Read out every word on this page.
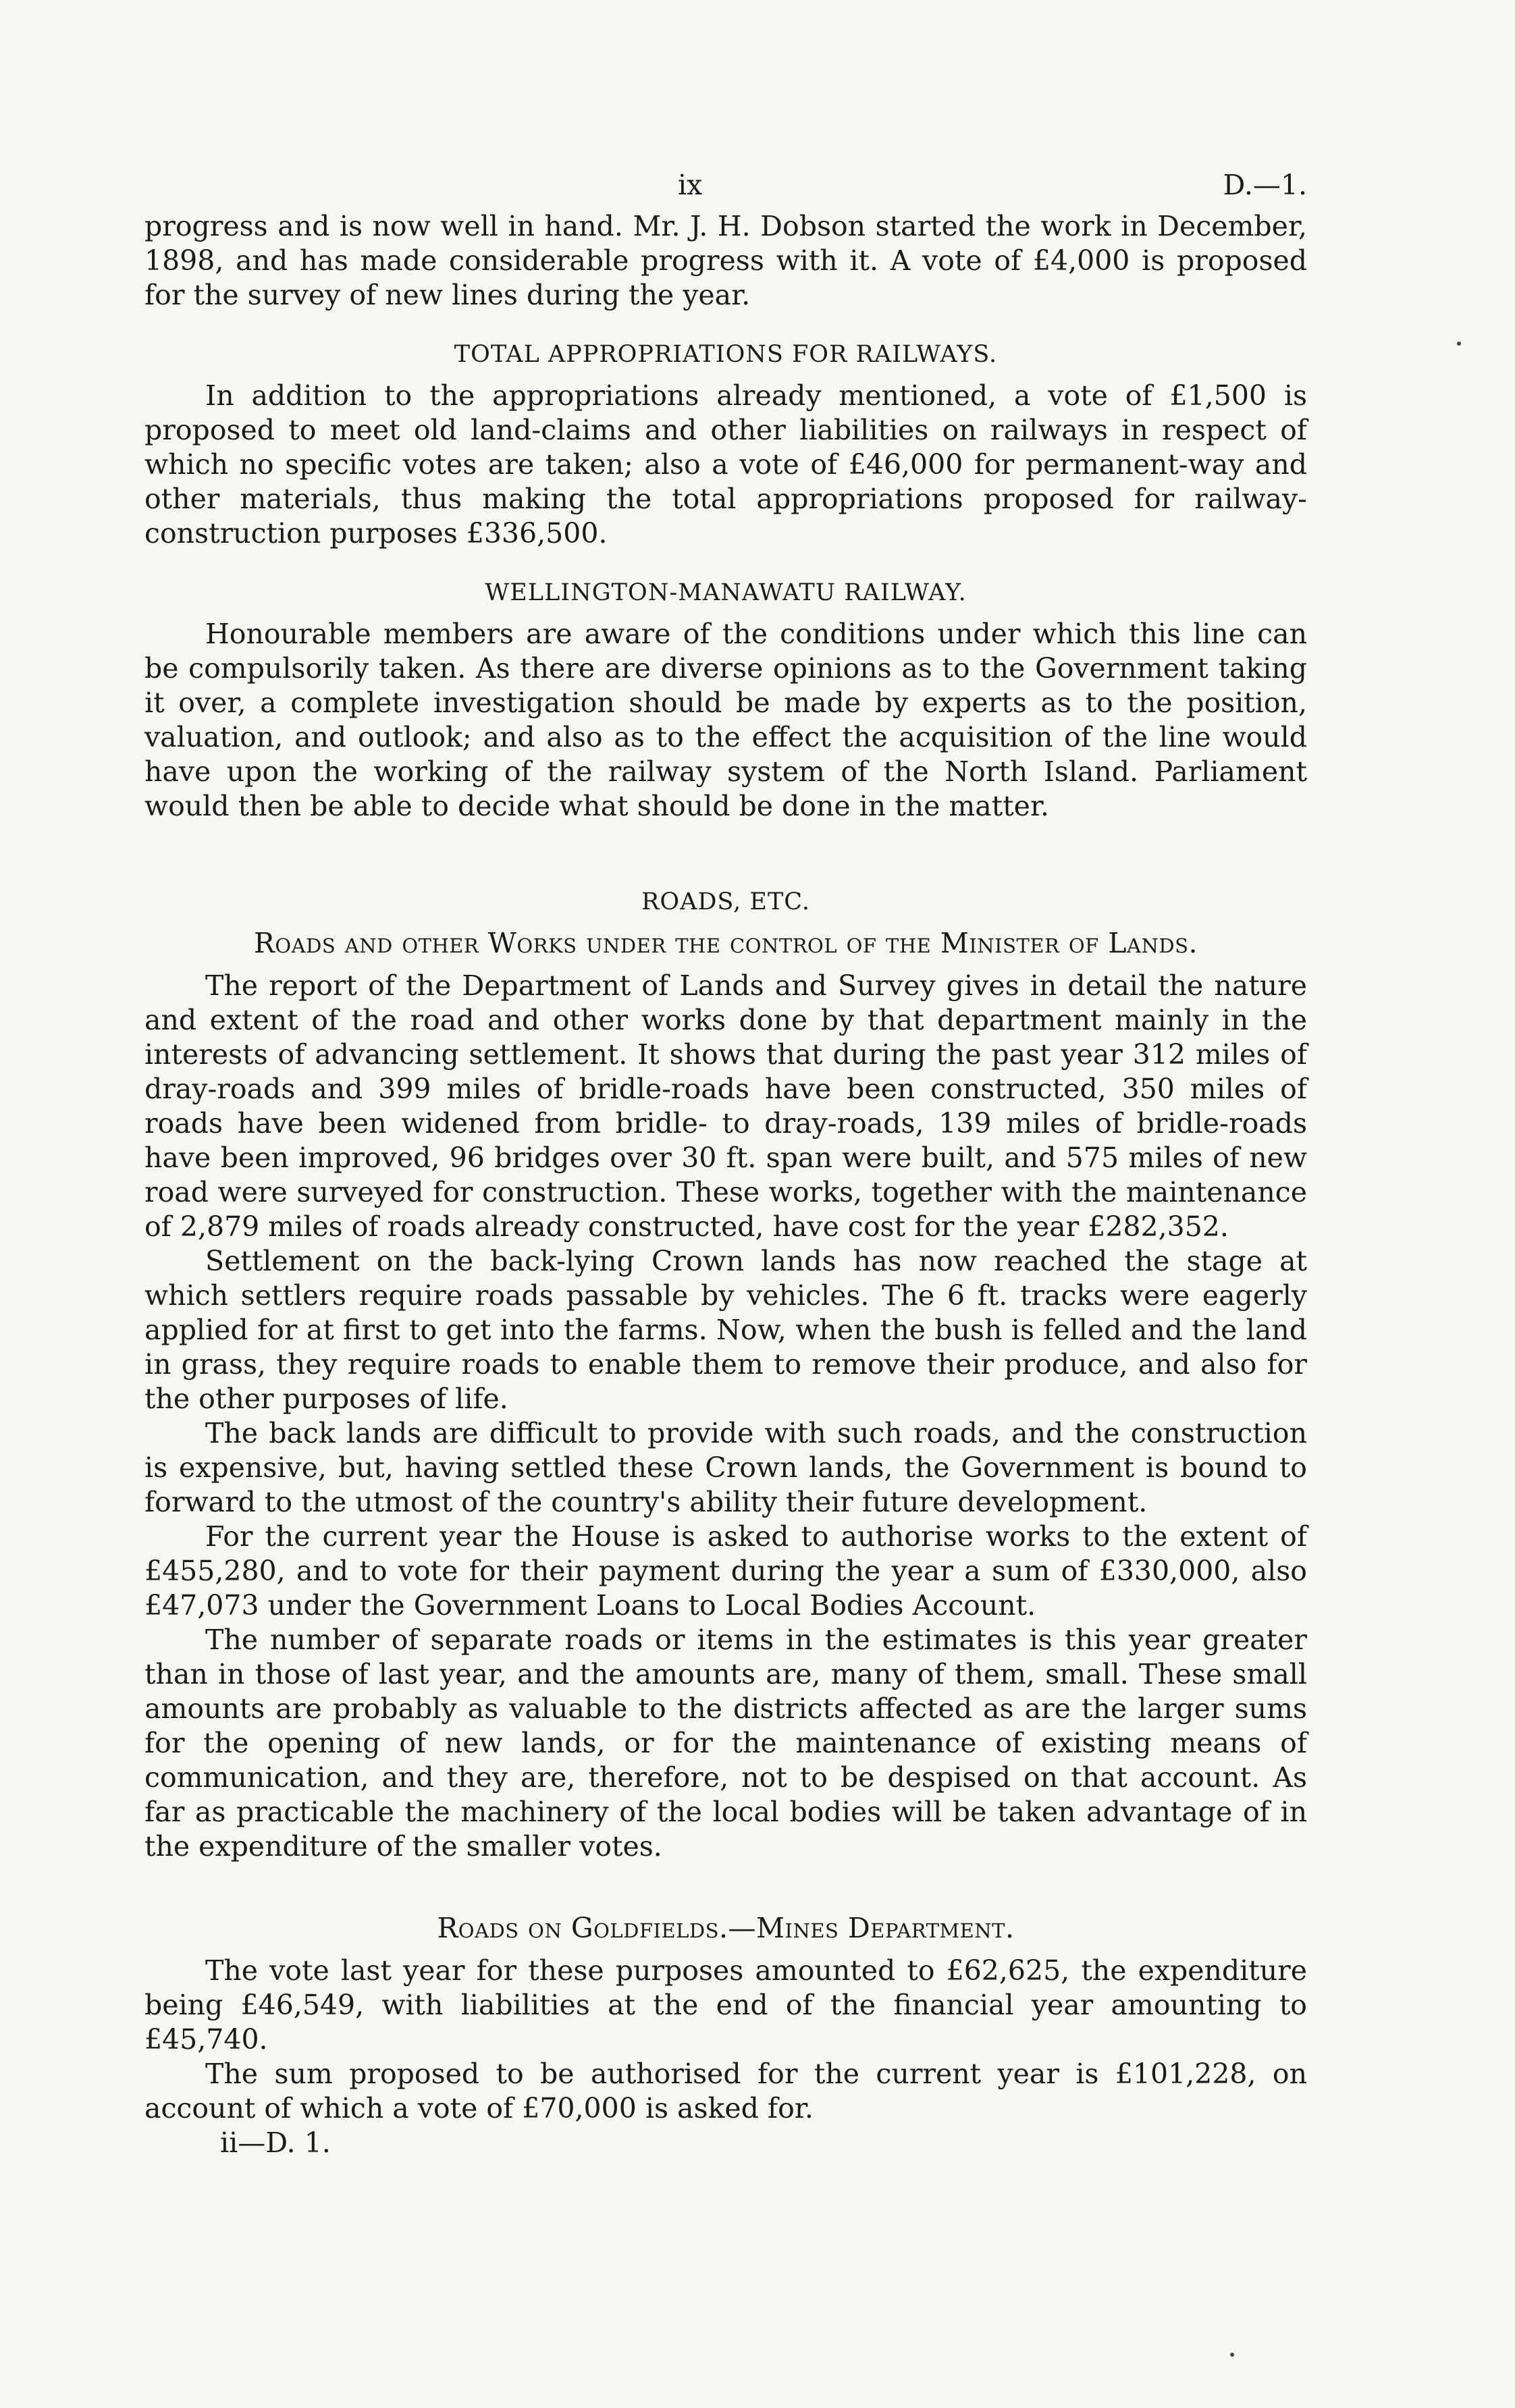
ix	D.—1.

progress and is now well in hand. Mr. J. H. Dobson started the work in December, 1898, and has made considerable progress with it. A vote of £4,000 is proposed for the survey of new lines during the year.

TOTAL APPROPRIATIONS FOR RAILWAYS.

In addition to the appropriations already mentioned, a vote of £1,500 is proposed to meet old land-claims and other liabilities on railways in respect of which no specific votes are taken; also a vote of £46,000 for permanent-way and other materials, thus making the total appropriations proposed for railway-construction purposes £336,500.

WELLINGTON-MANAWATU RAILWAY.

Honourable members are aware of the conditions under which this line can be compulsorily taken. As there are diverse opinions as to the Government taking it over, a complete investigation should be made by experts as to the position, valuation, and outlook; and also as to the effect the acquisition of the line would have upon the working of the railway system of the North Island. Parliament would then be able to decide what should be done in the matter.

ROADS, ETC.
Roads and other Works under the control of the Minister of Lands.

The report of the Department of Lands and Survey gives in detail the nature and extent of the road and other works done by that department mainly in the interests of advancing settlement. It shows that during the past year 312 miles of dray-roads and 399 miles of bridle-roads have been constructed, 350 miles of roads have been widened from bridle- to dray-roads, 139 miles of bridle-roads have been improved, 96 bridges over 30 ft. span were built, and 575 miles of new road were surveyed for construction. These works, together with the maintenance of 2,879 miles of roads already constructed, have cost for the year £282,352.

Settlement on the back-lying Crown lands has now reached the stage at which settlers require roads passable by vehicles. The 6 ft. tracks were eagerly applied for at first to get into the farms. Now, when the bush is felled and the land in grass, they require roads to enable them to remove their produce, and also for the other purposes of life.

The back lands are difficult to provide with such roads, and the construction is expensive, but, having settled these Crown lands, the Government is bound to forward to the utmost of the country's ability their future development.

For the current year the House is asked to authorise works to the extent of £455,280, and to vote for their payment during the year a sum of £330,000, also £47,073 under the Government Loans to Local Bodies Account.

The number of separate roads or items in the estimates is this year greater than in those of last year, and the amounts are, many of them, small. These small amounts are probably as valuable to the districts affected as are the larger sums for the opening of new lands, or for the maintenance of existing means of communication, and they are, therefore, not to be despised on that account. As far as practicable the machinery of the local bodies will be taken advantage of in the expenditure of the smaller votes.

Roads on Goldfields.—Mines Department.

The vote last year for these purposes amounted to £62,625, the expenditure being £46,549, with liabilities at the end of the financial year amounting to £45,740.

The sum proposed to be authorised for the current year is £101,228, on account of which a vote of £70,000 is asked for.

ii—D. 1.
